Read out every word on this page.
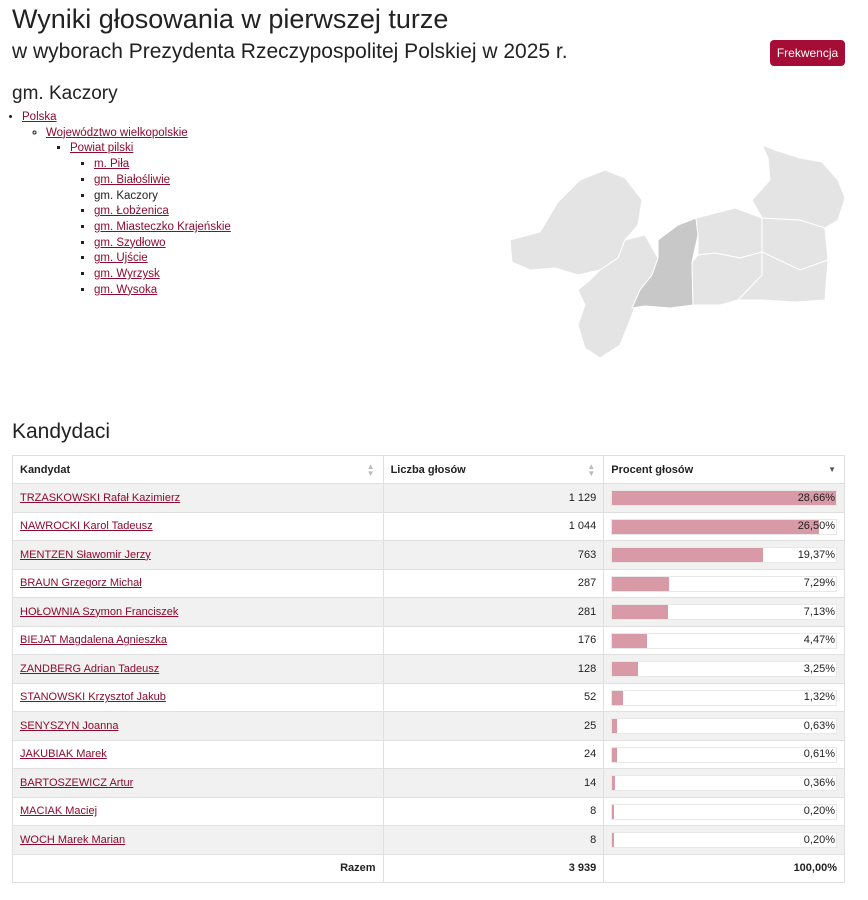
Wyniki głosowania w pierwszej turze
w wyborach Prezydenta Rzeczypospolitej Polskiej w 2025 r.	Frekwencja
gm. Kaczory
• Polska
◦ Województwo wielkopolskie
▪ Powiat pilski
▪ m. Piła
▪ gm. Białośliwie
▪ gm. Kaczory
▪ gm. Łobżenica
▪ gm. Miasteczko Krajeńskie
▪ gm. Szydłowo
▪ gm. Ujście
▪ gm. Wyrzysk
▪ gm. Wysoka
Kandydaci
Kandydat ▲
▼	Liczba głosów ▲
▼	Procent głosów ▼

TRZASKOWSKI Rafał Kazimierz	1 129	28,66%

NAWROCKI Karol Tadeusz	1 044	26,50%

MENTZEN Sławomir Jerzy	763	19,37%

BRAUN Grzegorz Michał	287	7,29%

HOŁOWNIA Szymon Franciszek	281	7,13%

BIEJAT Magdalena Agnieszka	176	4,47%

ZANDBERG Adrian Tadeusz	128	3,25%

STANOWSKI Krzysztof Jakub	52	1,32%

SENYSZYN Joanna	25	0,63%

JAKUBIAK Marek	24	0,61%

BARTOSZEWICZ Artur	14	0,36%

MACIAK Maciej	8	0,20%

WOCH Marek Marian	8	0,20%

Razem	3 939	100,00%
